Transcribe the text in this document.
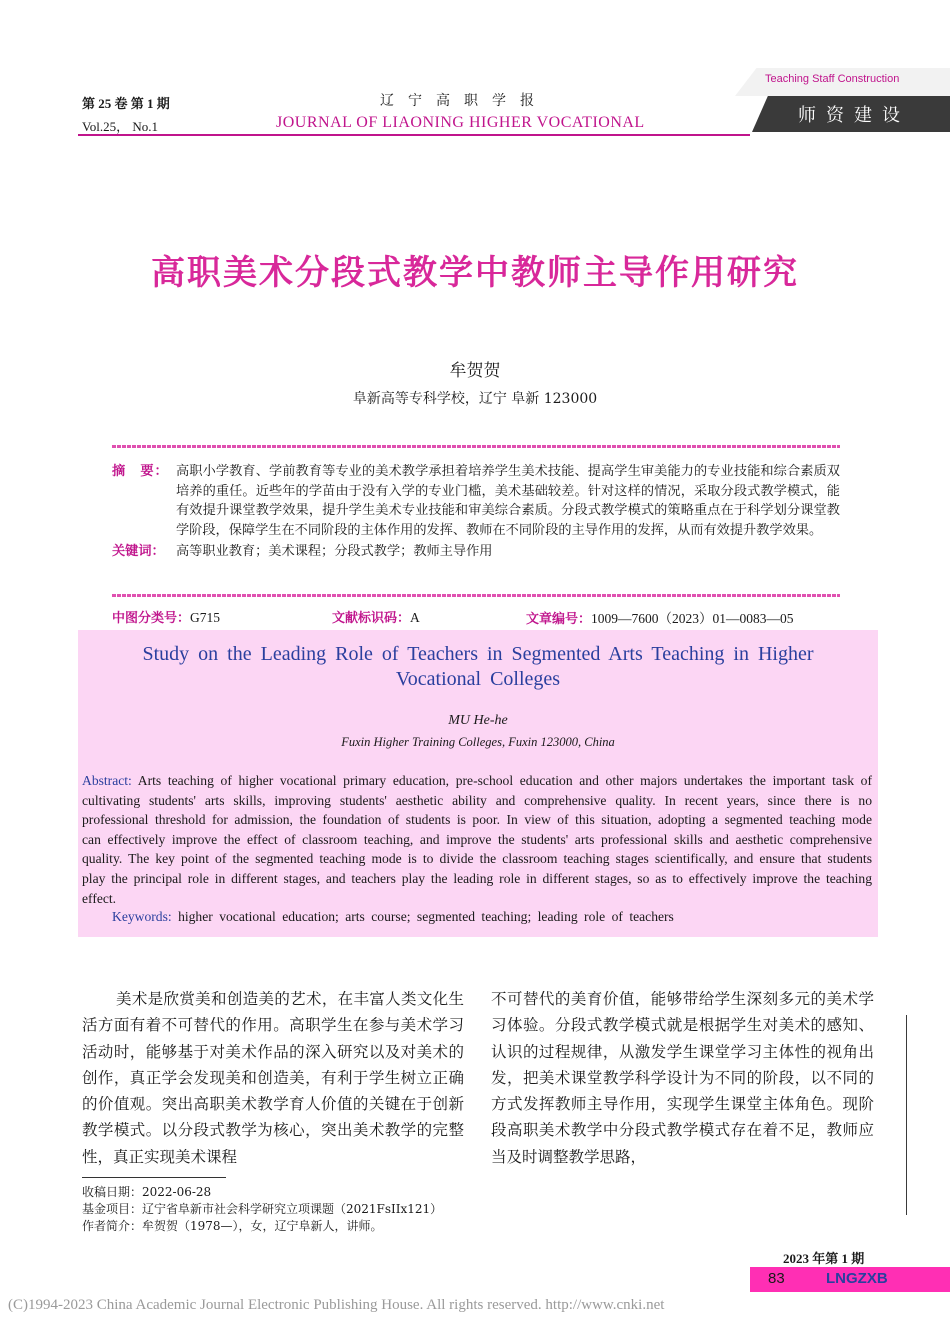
第 25 卷 第 1 期
Vol.25， No.1
辽宁高职学报
JOURNAL OF LIAONING HIGHER VOCATIONAL
Teaching Staff Construction
师资建设
高职美术分段式教学中教师主导作用研究
牟贺贺
阜新高等专科学校，辽宁 阜新 123000
摘　要： 高职小学教育、学前教育等专业的美术教学承担着培养学生美术技能、提高学生审美能力的专业技能和综合素质双培养的重任。近些年的学苗由于没有入学的专业门槛，美术基础较差。针对这样的情况，采取分段式教学模式，能有效提升课堂教学效果，提升学生美术专业技能和审美综合素质。分段式教学模式的策略重点在于科学划分课堂教学阶段，保障学生在不同阶段的主体作用的发挥、教师在不同阶段的主导作用的发挥，从而有效提升教学效果。
关键词： 高等职业教育；美术课程；分段式教学；教师主导作用
中图分类号：G715	文献标识码：A	文章编号：1009—7600（2023）01—0083—05
Study on the Leading Role of Teachers in Segmented Arts Teaching in Higher Vocational Colleges
MU He-he
Fuxin Higher Training Colleges, Fuxin 123000, China

Abstract: Arts teaching of higher vocational primary education, pre-school education and other majors undertakes the important task of cultivating students' arts skills, improving students' aesthetic ability and comprehensive quality. In recent years, since there is no professional threshold for admission, the foundation of students is poor. In view of this situation, adopting a segmented teaching mode can effectively improve the effect of classroom teaching, and improve the students' arts professional skills and aesthetic comprehensive quality. The key point of the segmented teaching mode is to divide the classroom teaching stages scientifically, and ensure that students play the principal role in different stages, and teachers play the leading role in different stages, so as to effectively improve the teaching effect.

Keywords: higher vocational education; arts course; segmented teaching; leading role of teachers

美术是欣赏美和创造美的艺术，在丰富人类文化生活方面有着不可替代的作用。高职学生在参与美术学习活动时，能够基于对美术作品的深入研究以及对美术的创作，真正学会发现美和创造美，有利于学生树立正确的价值观。突出高职美术教学育人价值的关键在于创新教学模式。以分段式教学为核心，突出美术教学的完整性，真正实现美术课程

不可替代的美育价值，能够带给学生深刻多元的美术学习体验。分段式教学模式就是根据学生对美术的感知、认识的过程规律，从激发学生课堂学习主体性的视角出发，把美术课堂教学科学设计为不同的阶段，以不同的方式发挥教师主导作用，实现学生课堂主体角色。现阶段高职美术教学中分段式教学模式存在着不足，教师应当及时调整教学思路，

收稿日期：2022-06-28
基金项目：辽宁省阜新市社会科学研究立项课题（2021FsIIx121）
作者简介：牟贺贺（1978—），女，辽宁阜新人，讲师。
2023 年第 1 期
83	LNGZXB
(C)1994-2023 China Academic Journal Electronic Publishing House. All rights reserved. http://www.cnki.net
